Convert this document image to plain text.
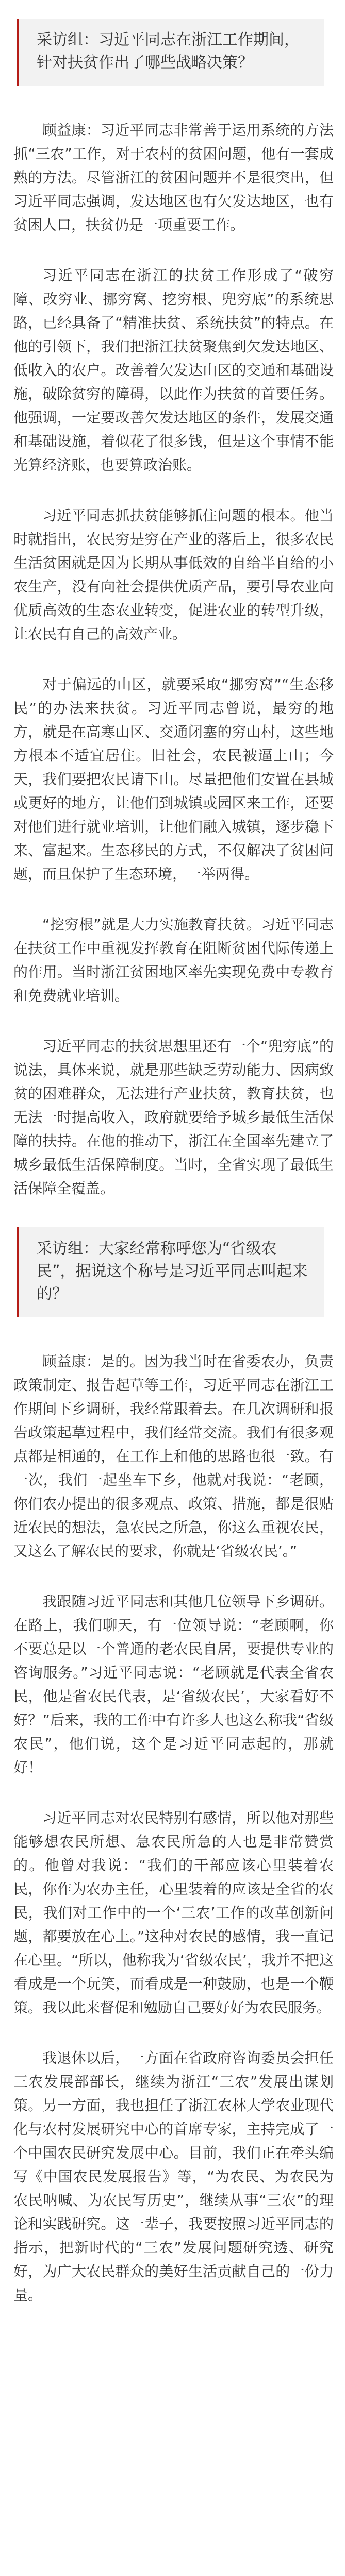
采访组：习近平同志在浙江工作期间，针对扶贫作出了哪些战略决策？

顾益康：习近平同志非常善于运用系统的方法抓“三农”工作，对于农村的贫困问题，他有一套成熟的方法。尽管浙江的贫困问题并不是很突出，但习近平同志强调，发达地区也有欠发达地区，也有贫困人口，扶贫仍是一项重要工作。

习近平同志在浙江的扶贫工作形成了“破穷障、改穷业、挪穷窝、挖穷根、兜穷底”的系统思路，已经具备了“精准扶贫、系统扶贫”的特点。在他的引领下，我们把浙江扶贫聚焦到欠发达地区、低收入的农户。改善着欠发达山区的交通和基础设施，破除贫穷的障碍，以此作为扶贫的首要任务。他强调，一定要改善欠发达地区的条件，发展交通和基础设施，着似花了很多钱，但是这个事情不能光算经济账，也要算政治账。

习近平同志抓扶贫能够抓住问题的根本。他当时就指出，农民穷是穷在产业的落后上，很多农民生活贫困就是因为长期从事低效的自给半自给的小农生产，没有向社会提供优质产品，要引导农业向优质高效的生态农业转变，促进农业的转型升级，让农民有自己的高效产业。

对于偏远的山区，就要采取“挪穷窝”“生态移民”的办法来扶贫。习近平同志曾说，最穷的地方，就是在高寒山区、交通闭塞的穷山村，这些地方根本不适宜居住。旧社会，农民被逼上山；今天，我们要把农民请下山。尽量把他们安置在县城或更好的地方，让他们到城镇或园区来工作，还要对他们进行就业培训，让他们融入城镇，逐步稳下来、富起来。生态移民的方式，不仅解决了贫困问题，而且保护了生态环境，一举两得。

“挖穷根”就是大力实施教育扶贫。习近平同志在扶贫工作中重视发挥教育在阻断贫困代际传递上的作用。当时浙江贫困地区率先实现免费中专教育和免费就业培训。

习近平同志的扶贫思想里还有一个“兜穷底”的说法，具体来说，就是那些缺乏劳动能力、因病致贫的困难群众，无法进行产业扶贫，教育扶贫，也无法一时提高收入，政府就要给予城乡最低生活保障的扶持。在他的推动下，浙江在全国率先建立了城乡最低生活保障制度。当时，全省实现了最低生活保障全覆盖。

采访组：大家经常称呼您为“省级农民”，据说这个称号是习近平同志叫起来的？

顾益康：是的。因为我当时在省委农办，负责政策制定、报告起草等工作，习近平同志在浙江工作期间下乡调研，我经常跟着去。在几次调研和报告政策起草过程中，我们经常交流。我们有很多观点都是相通的，在工作上和他的思路也很一致。有一次，我们一起坐车下乡，他就对我说：“老顾，你们农办提出的很多观点、政策、措施，都是很贴近农民的想法，急农民之所急，你这么重视农民，又这么了解农民的要求，你就是‘省级农民’。”

我跟随习近平同志和其他几位领导下乡调研。在路上，我们聊天，有一位领导说：“老顾啊，你不要总是以一个普通的老农民自居，要提供专业的咨询服务。”习近平同志说：“老顾就是代表全省农民，他是省农民代表，是‘省级农民’，大家看好不好？”后来，我的工作中有许多人也这么称我“省级农民”，他们说，这个是习近平同志起的，那就好！

习近平同志对农民特别有感情，所以他对那些能够想农民所想、急农民所急的人也是非常赞赏的。他曾对我说：“我们的干部应该心里装着农民，你作为农办主任，心里装着的应该是全省的农民，我们对工作中的一个‘三农’工作的改革创新问题，都要放在心上。”这种对农民的感情，我一直记在心里。“所以，他称我为‘省级农民’，我并不把这看成是一个玩笑，而看成是一种鼓励，也是一个鞭策。我以此来督促和勉励自己要好好为农民服务。

我退休以后，一方面在省政府咨询委员会担任三农发展部部长，继续为浙江“三农”发展出谋划策。另一方面，我也担任了浙江农林大学农业现代化与农村发展研究中心的首席专家，主持完成了一个中国农民研究发展中心。目前，我们正在牵头编写《中国农民发展报告》等，“为农民、为农民为农民呐喊、为农民写历史”，继续从事“三农”的理论和实践研究。这一辈子，我要按照习近平同志的指示，把新时代的“三农”发展问题研究透、研究好，为广大农民群众的美好生活贡献自己的一份力量。
